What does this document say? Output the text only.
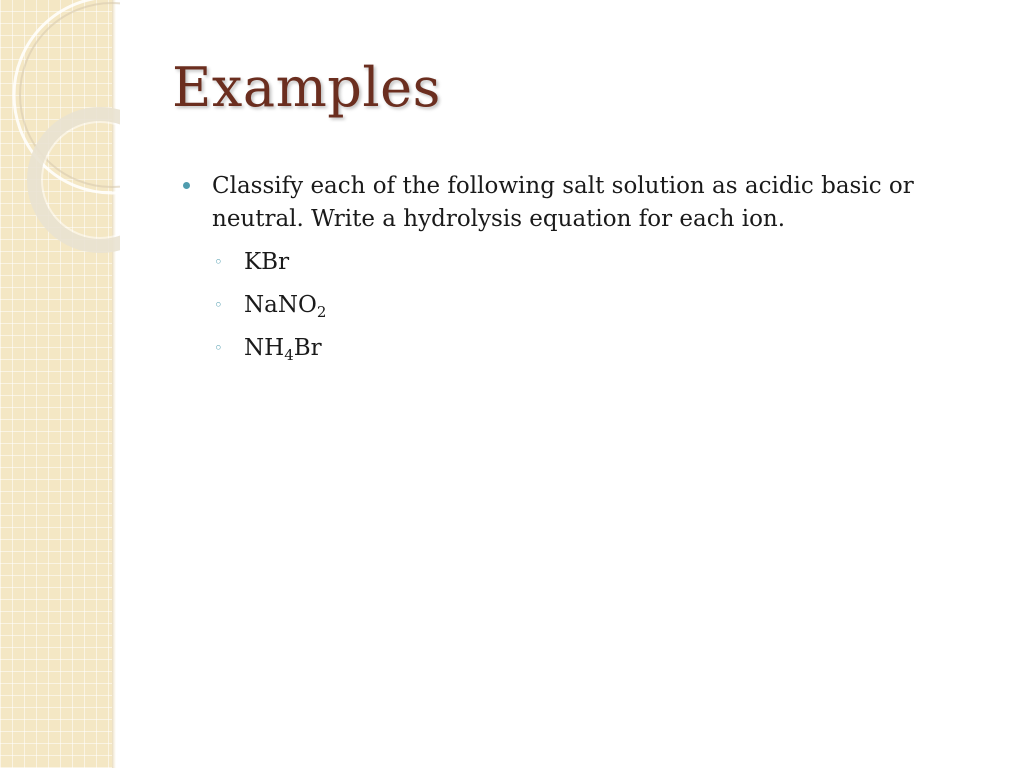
Examples
Classify each of the following salt solution as acidic basic or neutral. Write a hydrolysis equation for each ion.
◦ KBr
◦ NaNO$_2$
◦ $NH_4Br$
